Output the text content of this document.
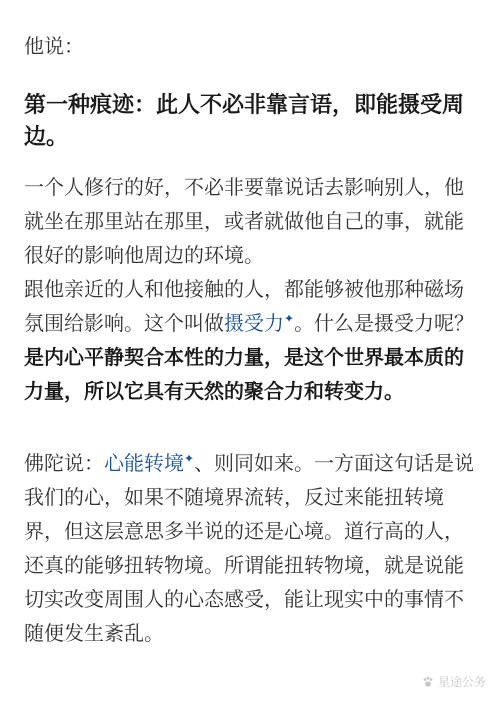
他说：

第一种痕迹：此人不必非靠言语，即能摄受周边。

一个人修行的好，不必非要靠说话去影响别人，他就坐在那里站在那里，或者就做他自己的事，就能很好的影响他周边的环境。

跟他亲近的人和他接触的人，都能够被他那种磁场氛围给影响。这个叫做摄受力✦。什么是摄受力呢？是内心平静契合本性的力量，是这个世界最本质的力量，所以它具有天然的聚合力和转变力。

佛陀说：心能转境✦、则同如来。一方面这句话是说我们的心，如果不随境界流转，反过来能扭转境界，但这层意思多半说的还是心境。道行高的人，还真的能够扭转物境。所谓能扭转物境，就是说能切实改变周围人的心态感受，能让现实中的事情不随便发生紊乱。

星途公务
